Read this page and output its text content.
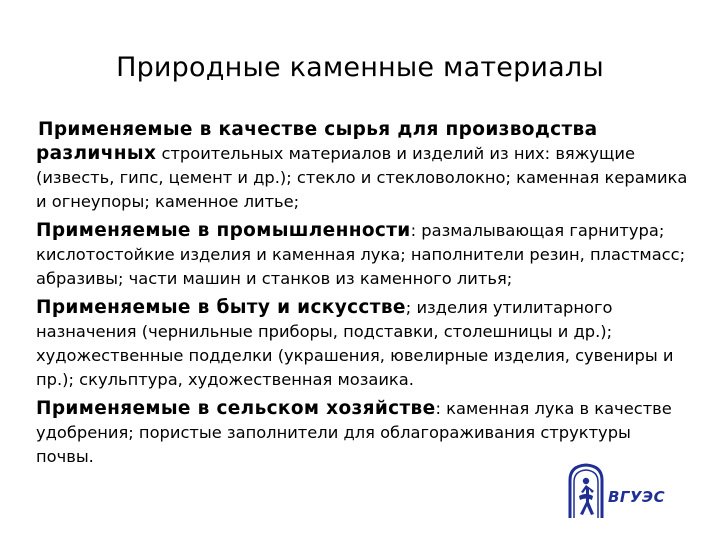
Природные каменные материалы

Применяемые в качестве сырья для производства различных строительных материалов и изделий из них: вяжущие (известь, гипс, цемент и др.); стекло и стекловолокно; каменная керамика и огнеупоры; каменное литье;

Применяемые в промышленности: размалывающая гарнитура; кислотостойкие изделия и каменная лука; наполнители резин, пластмасс; абразивы; части машин и станков из каменного литья;

Применяемые в быту и искусстве; изделия утилитарного назначения (чернильные приборы, подставки, столешницы и др.); художественные подделки (украшения, ювелирные изделия, сувениры и пр.); скульптура, художественная мозаика.

Применяемые в сельском хозяйстве: каменная лука в качестве удобрения; пористые заполнители для облагораживания структуры почвы.

ВГУЭС
